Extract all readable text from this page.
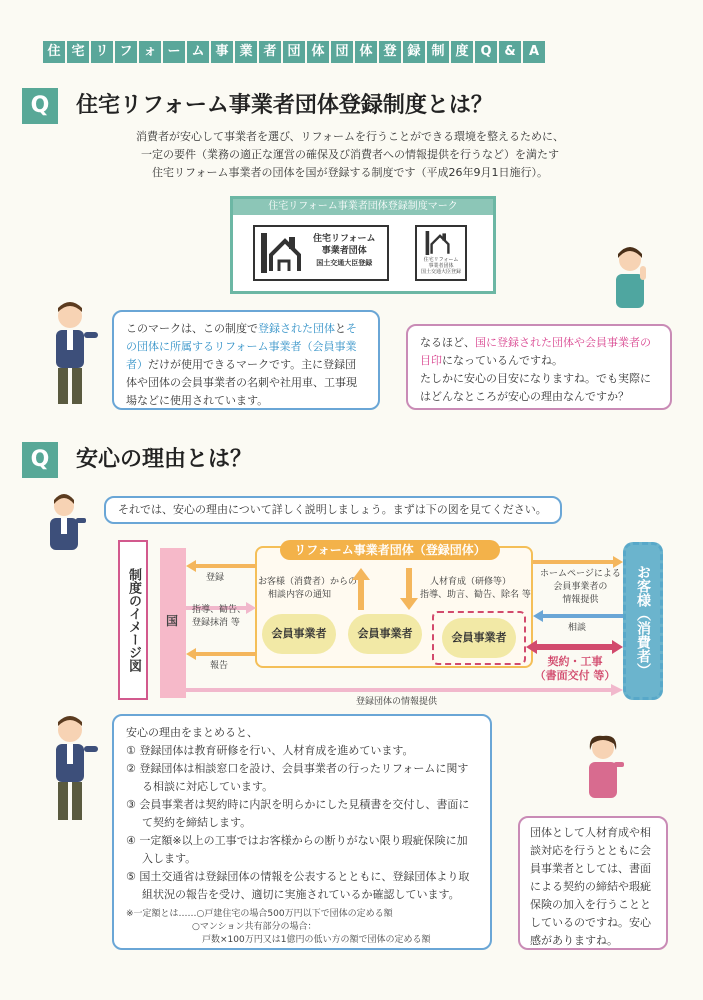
住 宅 リ フ ォ ー ム 事 業 者 団 体 団 体 登 録 制 度 Q & A
Q	住宅リフォーム事業者団体登録制度とは？
消費者が安心して事業者を選び、リフォームを行うことができる環境を整えるために、
一定の要件（業務の適正な運営の確保及び消費者への情報提供を行うなど）を満たす
住宅リフォーム事業者の団体を国が登録する制度です（平成26年9月1日施行）。
住宅リフォーム事業者団体登録制度マーク
住宅リフォーム
事業者団体
国土交通大臣登録	住宅リフォーム
事業者団体
国土交通大臣登録
このマークは、この制度で登録された団体とそ
の団体に所属するリフォーム事業者（会員事業
者）だけが使用できるマークです。主に登録団
体や団体の会員事業者の名刺や社用車、工事現
場などに使用されています。
なるほど、国に登録された団体や会員事業者の
目印になっているんですね。
たしかに安心の目安になりますね。でも実際に
はどんなところが安心の理由なんですか？
Q	安心の理由とは？
それでは、安心の理由について詳しく説明しましょう。まずは下の図を見てください。
制度のイメージ図	国
リフォーム事業者団体（登録団体）
お客様（消費者）からの
相談内容の通知
人材育成（研修等）
指導、助言、勧告、除名 等
会員事業者	会員事業者	会員事業者
登録
指導、勧告、
登録抹消 等
報告
ホームページによる
会員事業者の
情報提供
相談
契約・工事
（書面交付 等）
登録団体の情報提供
お客様（消費者）
安心の理由をまとめると、
① 登録団体は教育研修を行い、人材育成を進めています。
② 登録団体は相談窓口を設け、会員事業者の行ったリフォームに関す
る相談に対応しています。
③ 会員事業者は契約時に内訳を明らかにした見積書を交付し、書面に
て契約を締結します。
④ 一定額※以上の工事ではお客様からの断りがない限り瑕疵保険に加
入します。
⑤ 国土交通省は登録団体の情報を公表するとともに、登録団体より取
組状況の報告を受け、適切に実施されているか確認しています。
※一定額とは……○戸建住宅の場合500万円以下で団体の定める額
○マンション共有部分の場合：
戸数×100万円又は1億円の低い方の額で団体の定める額
団体として人材育成や相
談対応を行うとともに会
員事業者としては、書面
による契約の締結や瑕疵
保険の加入を行うことと
しているのですね。安心
感がありますね。
